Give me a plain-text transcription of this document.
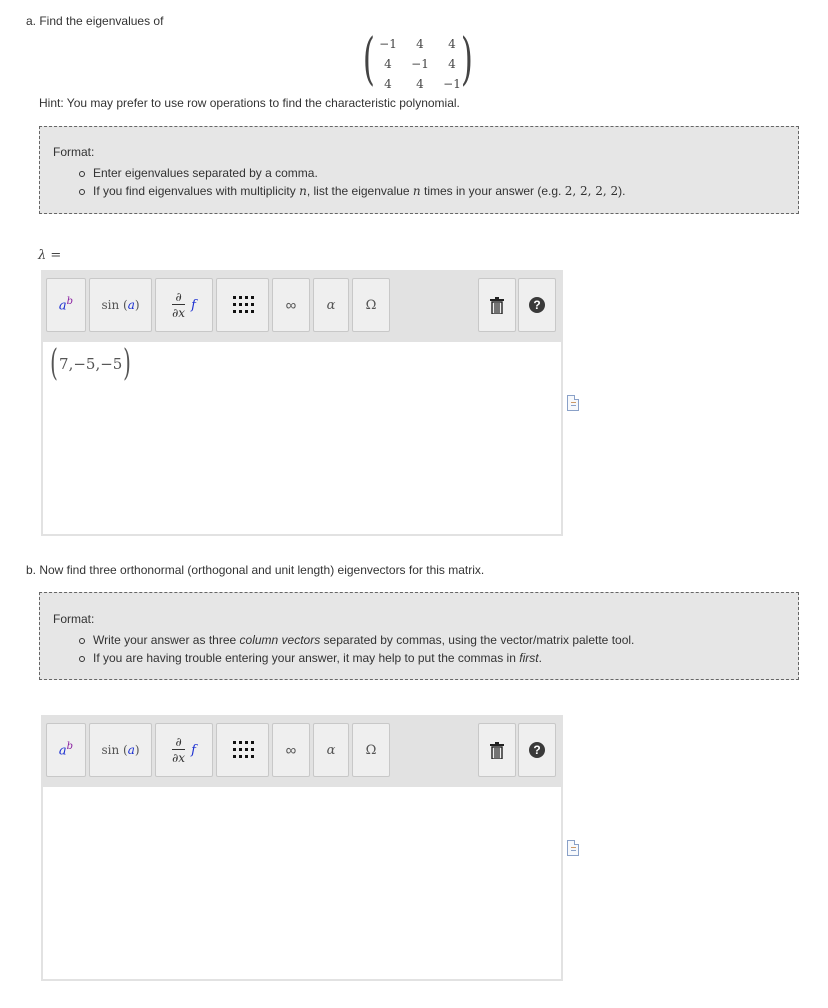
a. Find the eigenvalues of
( −1	4	4
4	−1	4
4	4	−1 )
Hint: You may prefer to use row operations to find the characteristic polynomial.
Format:
Enter eigenvalues separated by a comma.
If you find eigenvalues with multiplicity n, list the eigenvalue n times in your answer (e.g. 2, 2, 2, 2).
λ =
$a^b$ sin (a)
∂
∂x
f	∞ α Ω	?
( 7,−5,−5 )
b. Now find three orthonormal (orthogonal and unit length) eigenvectors for this matrix.
Format:
Write your answer as three column vectors separated by commas, using the vector/matrix palette tool.
If you are having trouble entering your answer, it may help to put the commas in first.
$a^b$ sin (a)
∂
∂x
f	∞ α Ω	?
